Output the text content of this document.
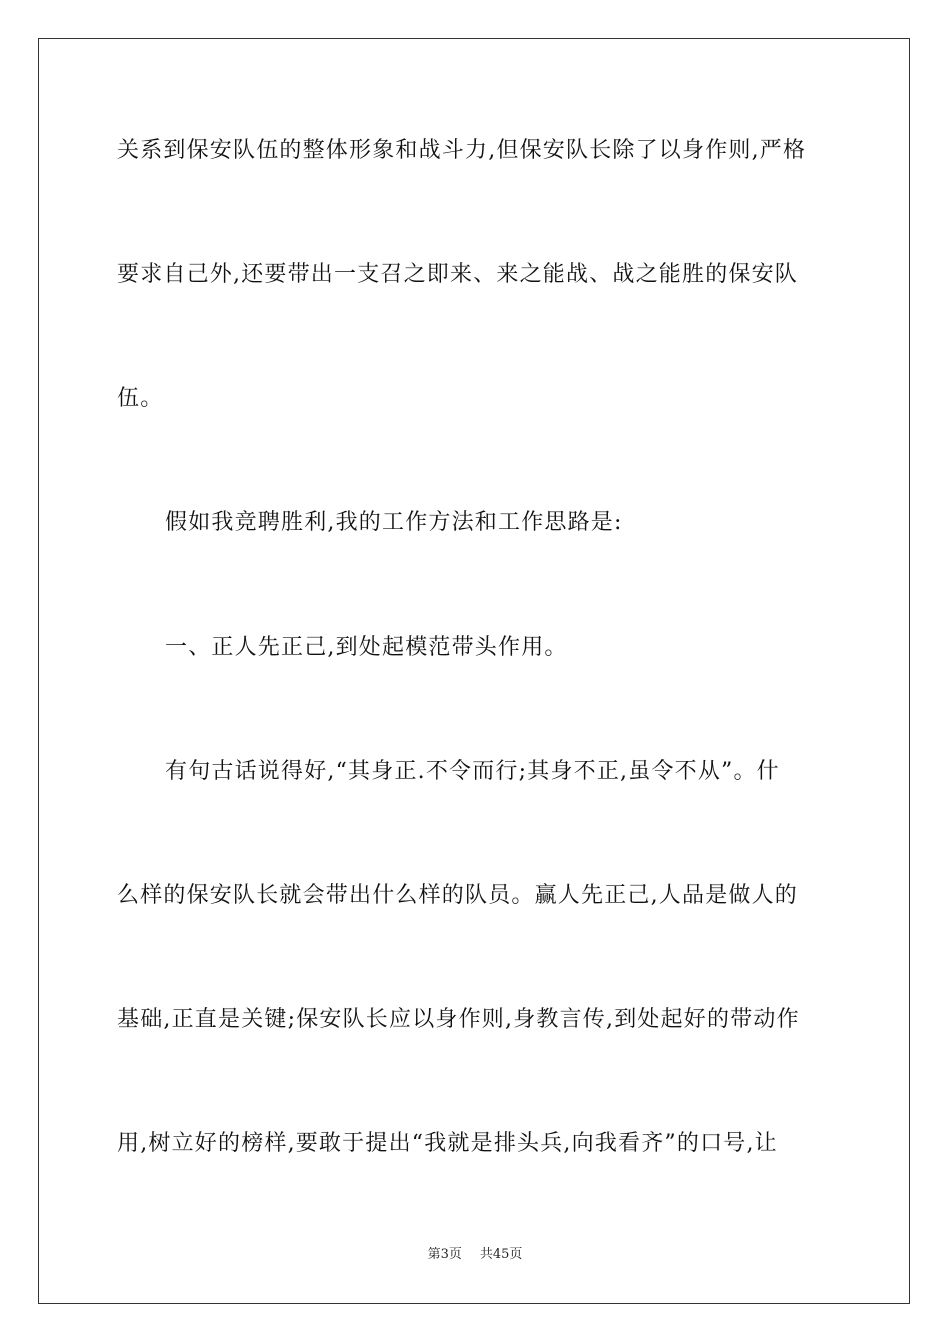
关系到保安队伍的整体形象和战斗力,但保安队长除了以身作则,严格
要求自己外,还要带出一支召之即来、来之能战、战之能胜的保安队
伍。
假如我竞聘胜利,我的工作方法和工作思路是:
一、正人先正己,到处起模范带头作用。
有句古话说得好,“其身正.不令而行;其身不正,虽令不从”。什
么样的保安队长就会带出什么样的队员。赢人先正己,人品是做人的
基础,正直是关键;保安队长应以身作则,身教言传,到处起好的带动作
用,树立好的榜样,要敢于提出“我就是排头兵,向我看齐”的口号,让
第3页 共45页
